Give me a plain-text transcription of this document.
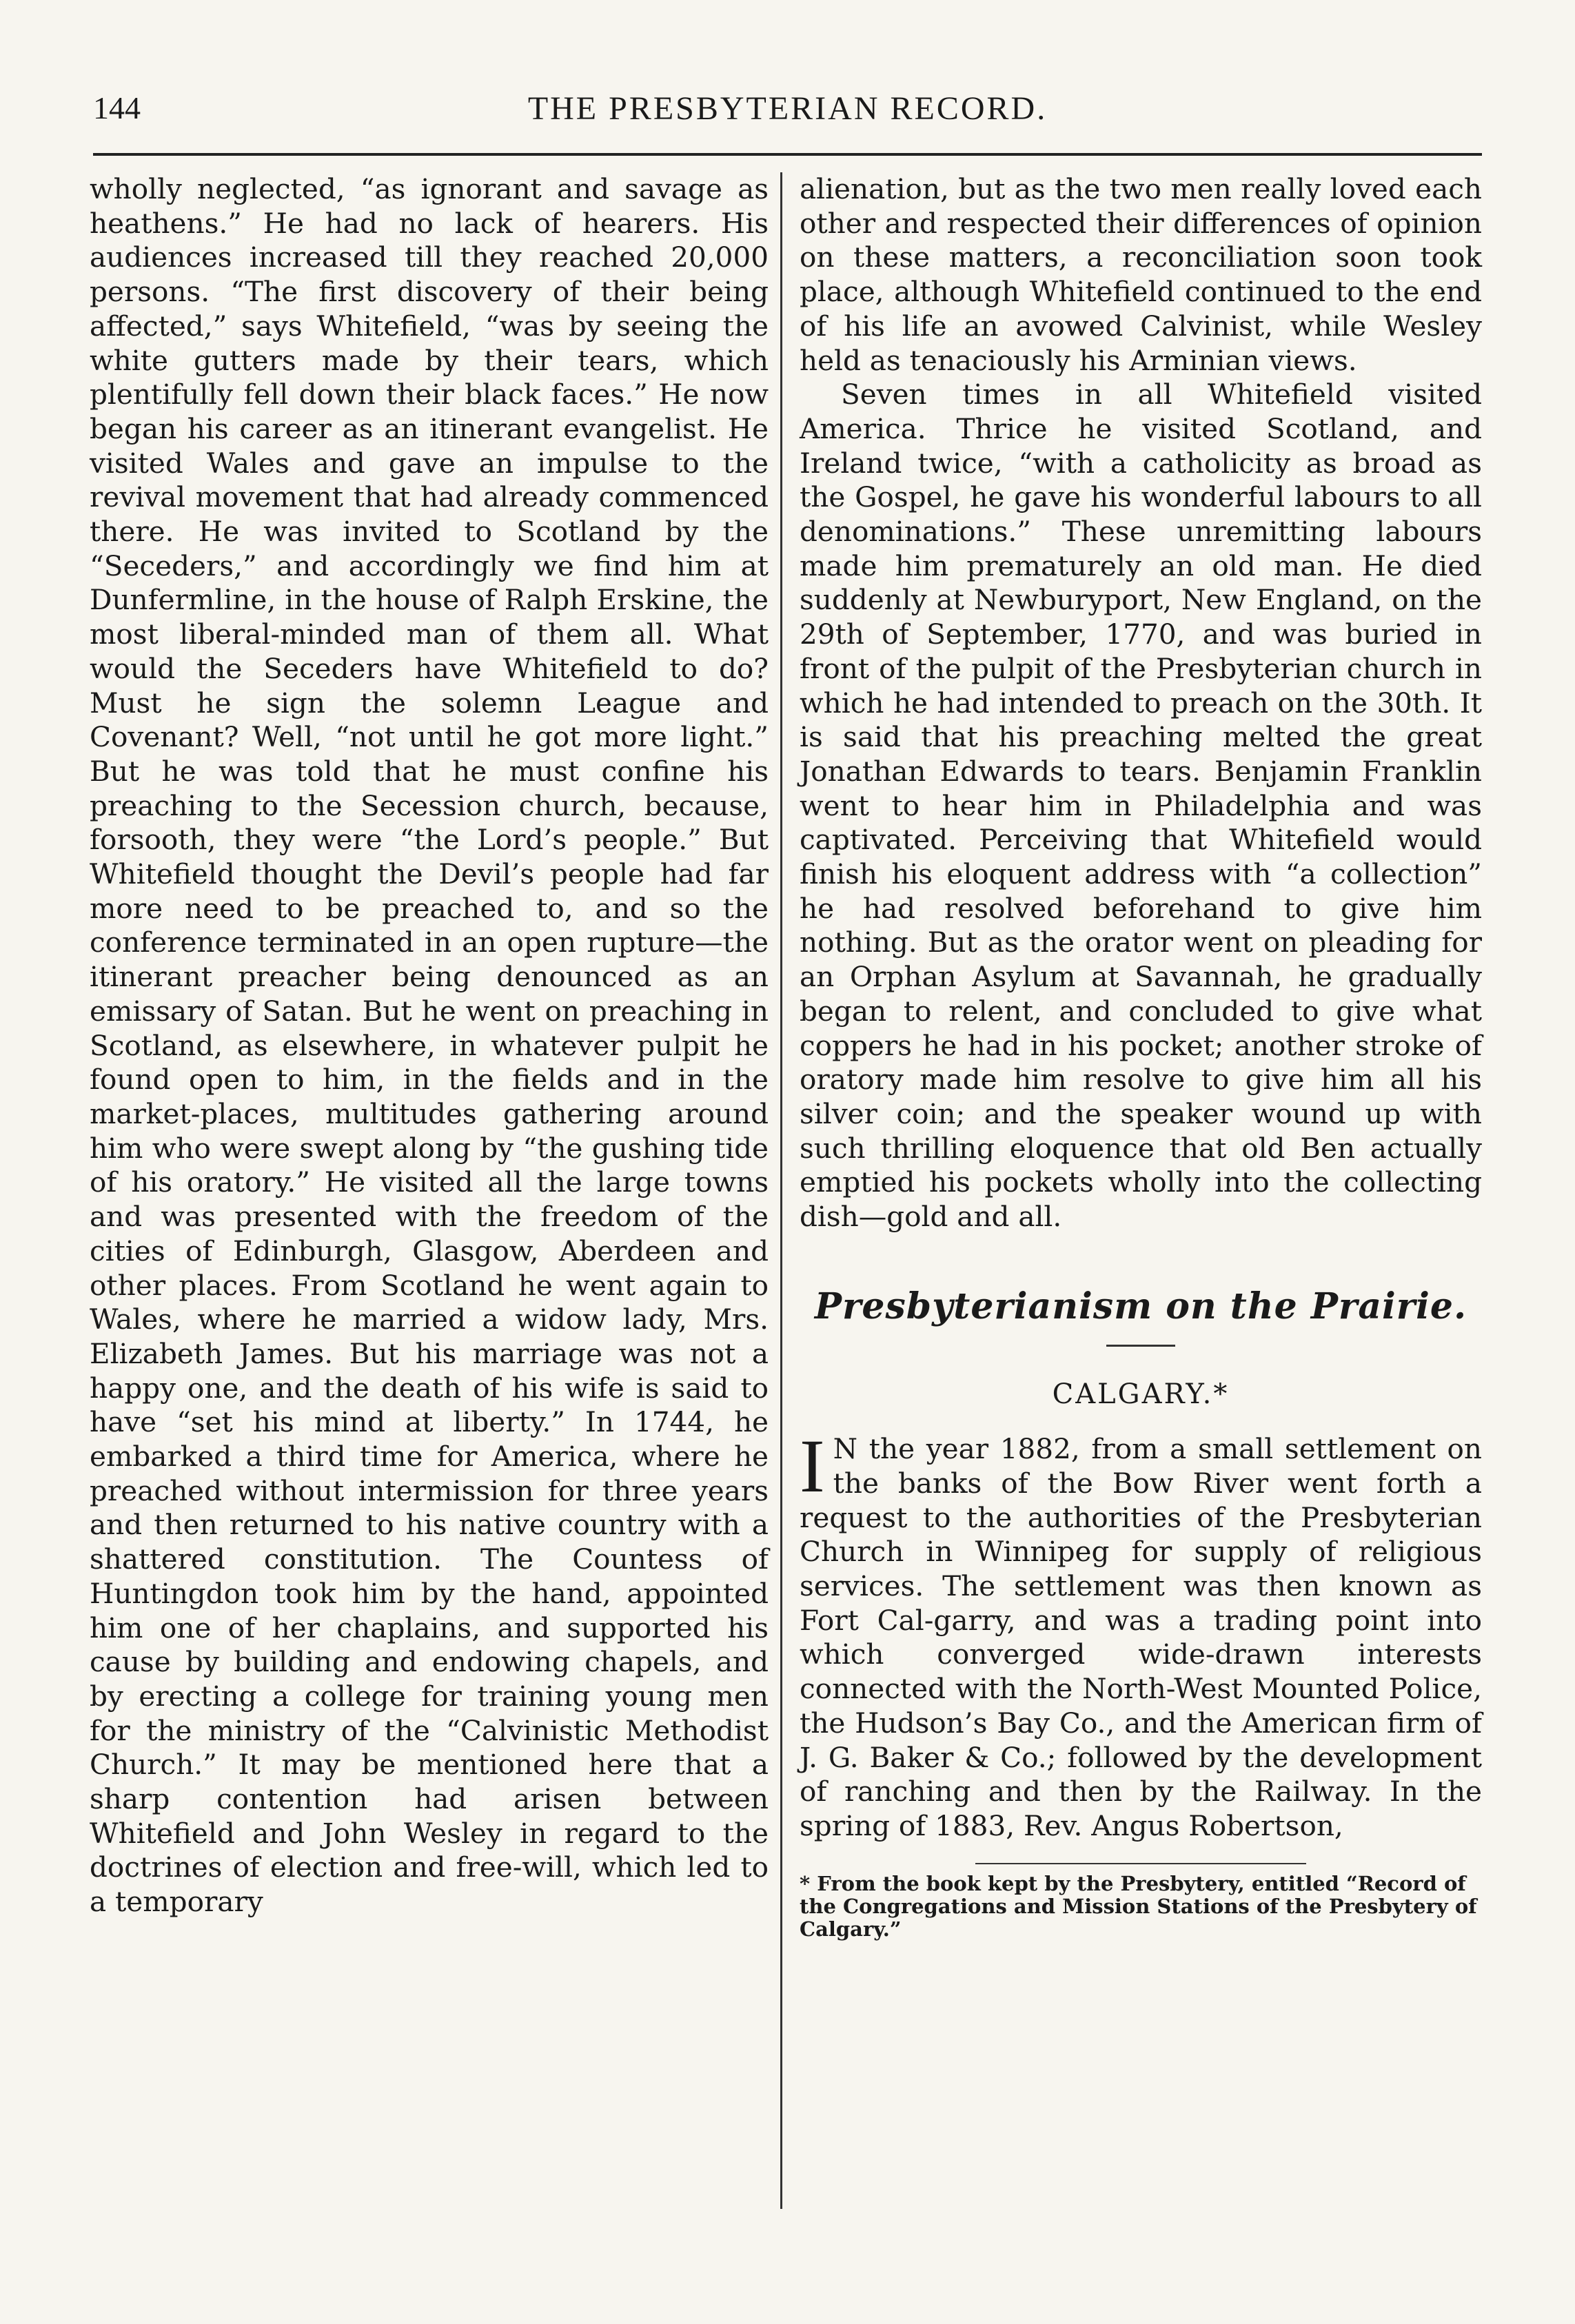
144	THE PRESBYTERIAN RECORD.

wholly neglected, “as ignorant and savage as heathens.” He had no lack of hearers. His audiences increased till they reached 20,000 persons. “The first discovery of their being affected,” says Whitefield, “was by seeing the white gutters made by their tears, which plentifully fell down their black faces.” He now began his career as an itinerant evangelist. He visited Wales and gave an impulse to the revival movement that had already commenced there. He was invited to Scotland by the “Seceders,” and accordingly we find him at Dunfermline, in the house of Ralph Erskine, the most liberal-minded man of them all. What would the Seceders have Whitefield to do? Must he sign the solemn League and Covenant? Well, “not until he got more light.” But he was told that he must confine his preaching to the Secession church, because, forsooth, they were “the Lord’s people.” But Whitefield thought the Devil’s people had far more need to be preached to, and so the conference terminated in an open rupture—the itinerant preacher being denounced as an emissary of Satan. But he went on preaching in Scotland, as elsewhere, in whatever pulpit he found open to him, in the fields and in the market-places, multitudes gathering around him who were swept along by “the gushing tide of his oratory.” He visited all the large towns and was presented with the freedom of the cities of Edinburgh, Glasgow, Aberdeen and other places. From Scotland he went again to Wales, where he married a widow lady, Mrs. Elizabeth James. But his marriage was not a happy one, and the death of his wife is said to have “set his mind at liberty.” In 1744, he embarked a third time for America, where he preached without intermission for three years and then returned to his native country with a shattered constitution. The Countess of Huntingdon took him by the hand, appointed him one of her chaplains, and supported his cause by building and endowing chapels, and by erecting a college for training young men for the ministry of the “Calvinistic Methodist Church.” It may be mentioned here that a sharp contention had arisen between Whitefield and John Wesley in regard to the doctrines of election and free-will, which led to a temporary

alienation, but as the two men really loved each other and respected their differences of opinion on these matters, a reconciliation soon took place, although Whitefield continued to the end of his life an avowed Calvinist, while Wesley held as tenaciously his Arminian views.

Seven times in all Whitefield visited America. Thrice he visited Scotland, and Ireland twice, “with a catholicity as broad as the Gospel, he gave his wonderful labours to all denominations.” These unremitting labours made him prematurely an old man. He died suddenly at Newburyport, New England, on the 29th of September, 1770, and was buried in front of the pulpit of the Presbyterian church in which he had intended to preach on the 30th. It is said that his preaching melted the great Jonathan Edwards to tears. Benjamin Franklin went to hear him in Philadelphia and was captivated. Perceiving that Whitefield would finish his eloquent address with “a collection” he had resolved beforehand to give him nothing. But as the orator went on pleading for an Orphan Asylum at Savannah, he gradually began to relent, and concluded to give what coppers he had in his pocket; another stroke of oratory made him resolve to give him all his silver coin; and the speaker wound up with such thrilling eloquence that old Ben actually emptied his pockets wholly into the collecting dish—gold and all.

Presbyterianism on the Prairie.
CALGARY.*

I N the year 1882, from a small settlement on the banks of the Bow River went forth a request to the authorities of the Presbyterian Church in Winnipeg for supply of religious services. The settlement was then known as Fort Cal-garry, and was a trading point into which converged wide-drawn interests connected with the North-West Mounted Police, the Hudson’s Bay Co., and the American firm of J. G. Baker & Co.; followed by the development of ranching and then by the Railway. In the spring of 1883, Rev. Angus Robertson,

* From the book kept by the Presbytery, entitled “Record of the Congregations and Mission Stations of the Presbytery of Calgary.”
